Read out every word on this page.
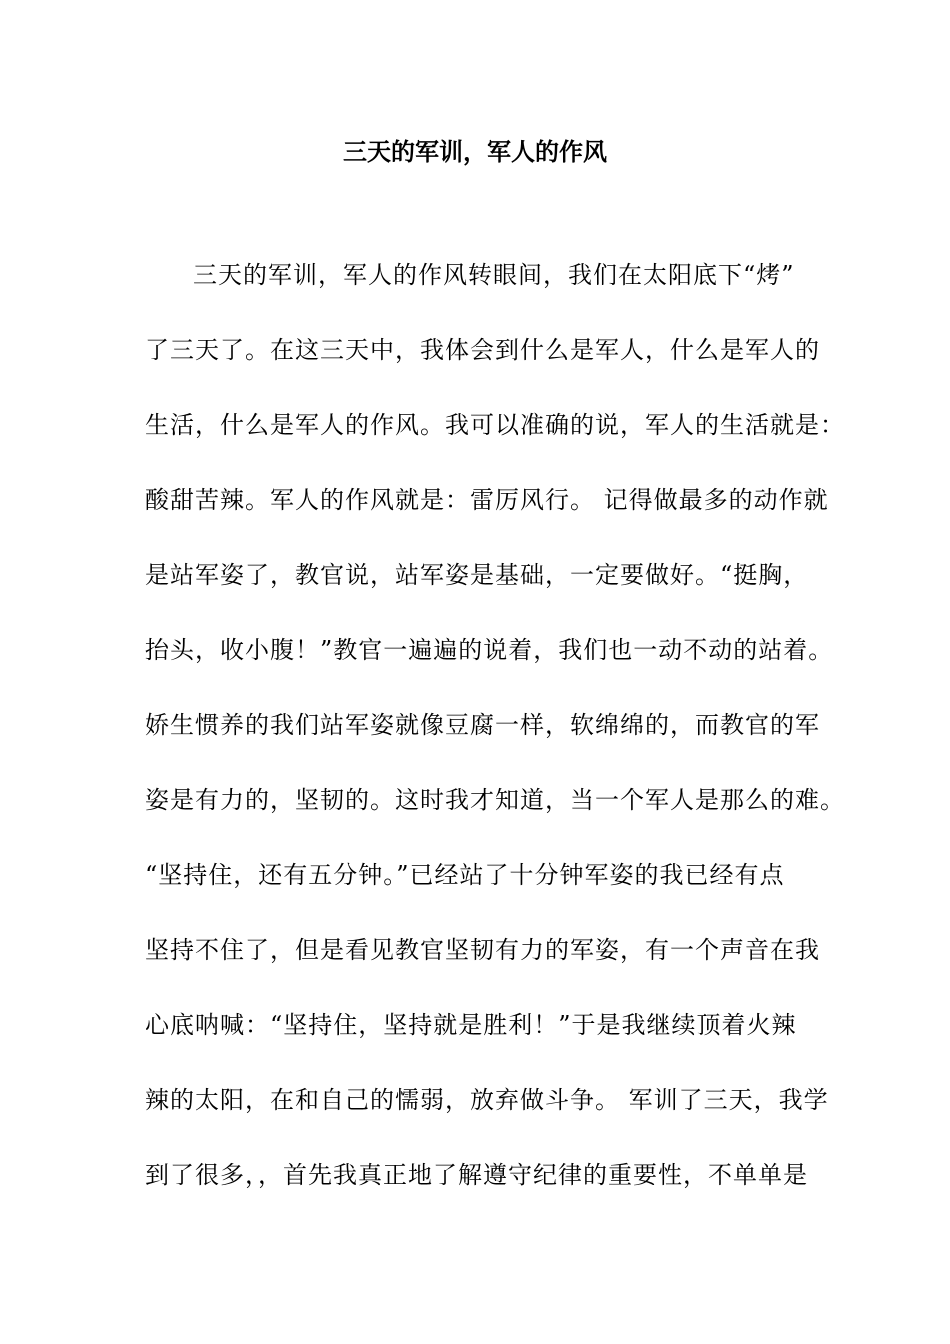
三天的军训，军人的作风
三天的军训，军人的作风转眼间，我们在太阳底下“烤”
了三天了。在这三天中，我体会到什么是军人，什么是军人的
生活，什么是军人的作风。我可以准确的说，军人的生活就是：
酸甜苦辣。军人的作风就是：雷厉风行。 记得做最多的动作就
是站军姿了，教官说，站军姿是基础，一定要做好。“挺胸，
抬头，收小腹！”教官一遍遍的说着，我们也一动不动的站着。
娇生惯养的我们站军姿就像豆腐一样，软绵绵的，而教官的军
姿是有力的，坚韧的。这时我才知道，当一个军人是那么的难。
“坚持住，还有五分钟。”已经站了十分钟军姿的我已经有点
坚持不住了，但是看见教官坚韧有力的军姿，有一个声音在我
心底呐喊：“坚持住，坚持就是胜利！”于是我继续顶着火辣
辣的太阳，在和自己的懦弱，放弃做斗争。 军训了三天，我学
到了很多，，首先我真正地了解遵守纪律的重要性，不单单是
